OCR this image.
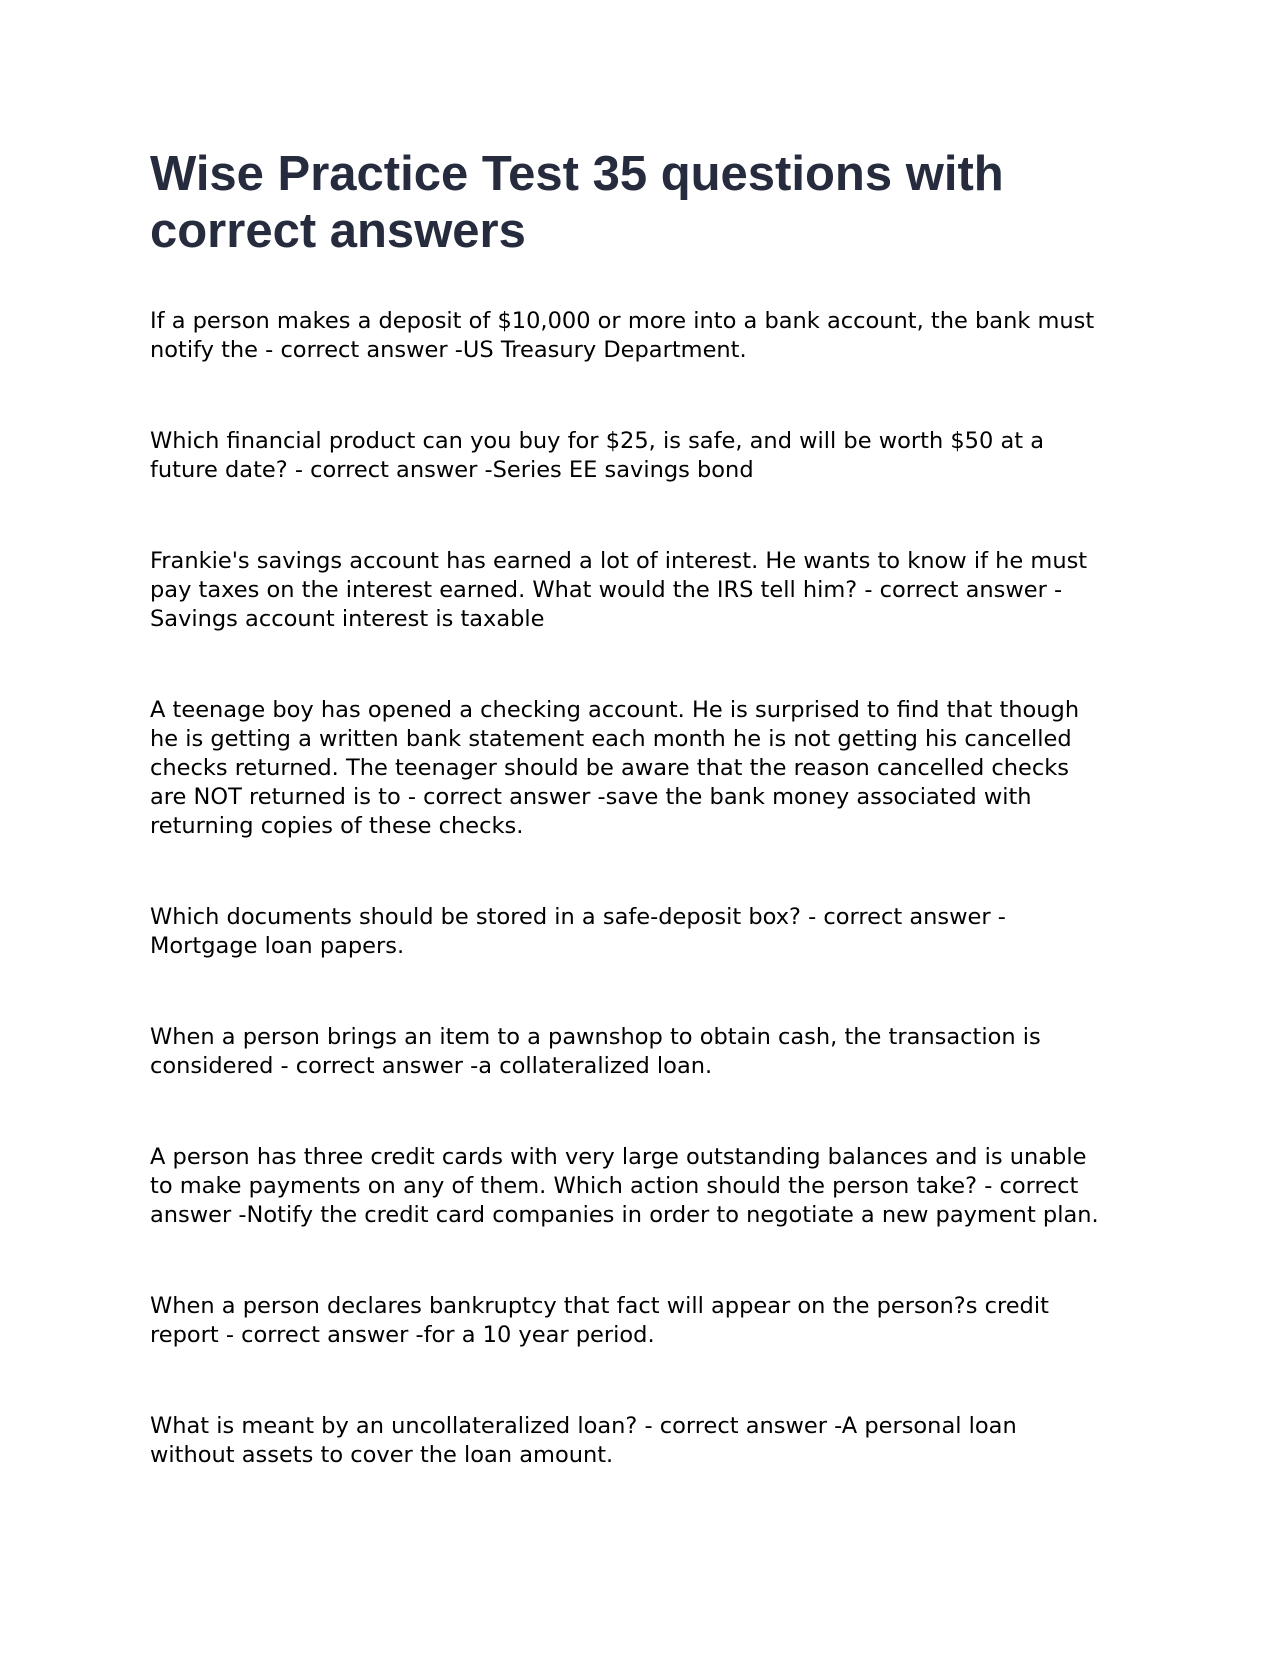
Wise Practice Test 35 questions with correct answers

If a person makes a deposit of $10,000 or more into a bank account, the bank must
notify the - correct answer -US Treasury Department.

Which financial product can you buy for $25, is safe, and will be worth $50 at a
future date? - correct answer -Series EE savings bond

Frankie's savings account has earned a lot of interest. He wants to know if he must
pay taxes on the interest earned. What would the IRS tell him? - correct answer -
Savings account interest is taxable

A teenage boy has opened a checking account. He is surprised to find that though
he is getting a written bank statement each month he is not getting his cancelled
checks returned. The teenager should be aware that the reason cancelled checks
are NOT returned is to - correct answer -save the bank money associated with
returning copies of these checks.

Which documents should be stored in a safe-deposit box? - correct answer -
Mortgage loan papers.

When a person brings an item to a pawnshop to obtain cash, the transaction is
considered - correct answer -a collateralized loan.

A person has three credit cards with very large outstanding balances and is unable
to make payments on any of them. Which action should the person take? - correct
answer -Notify the credit card companies in order to negotiate a new payment plan.

When a person declares bankruptcy that fact will appear on the person?s credit
report - correct answer -for a 10 year period.

What is meant by an uncollateralized loan? - correct answer -A personal loan
without assets to cover the loan amount.
